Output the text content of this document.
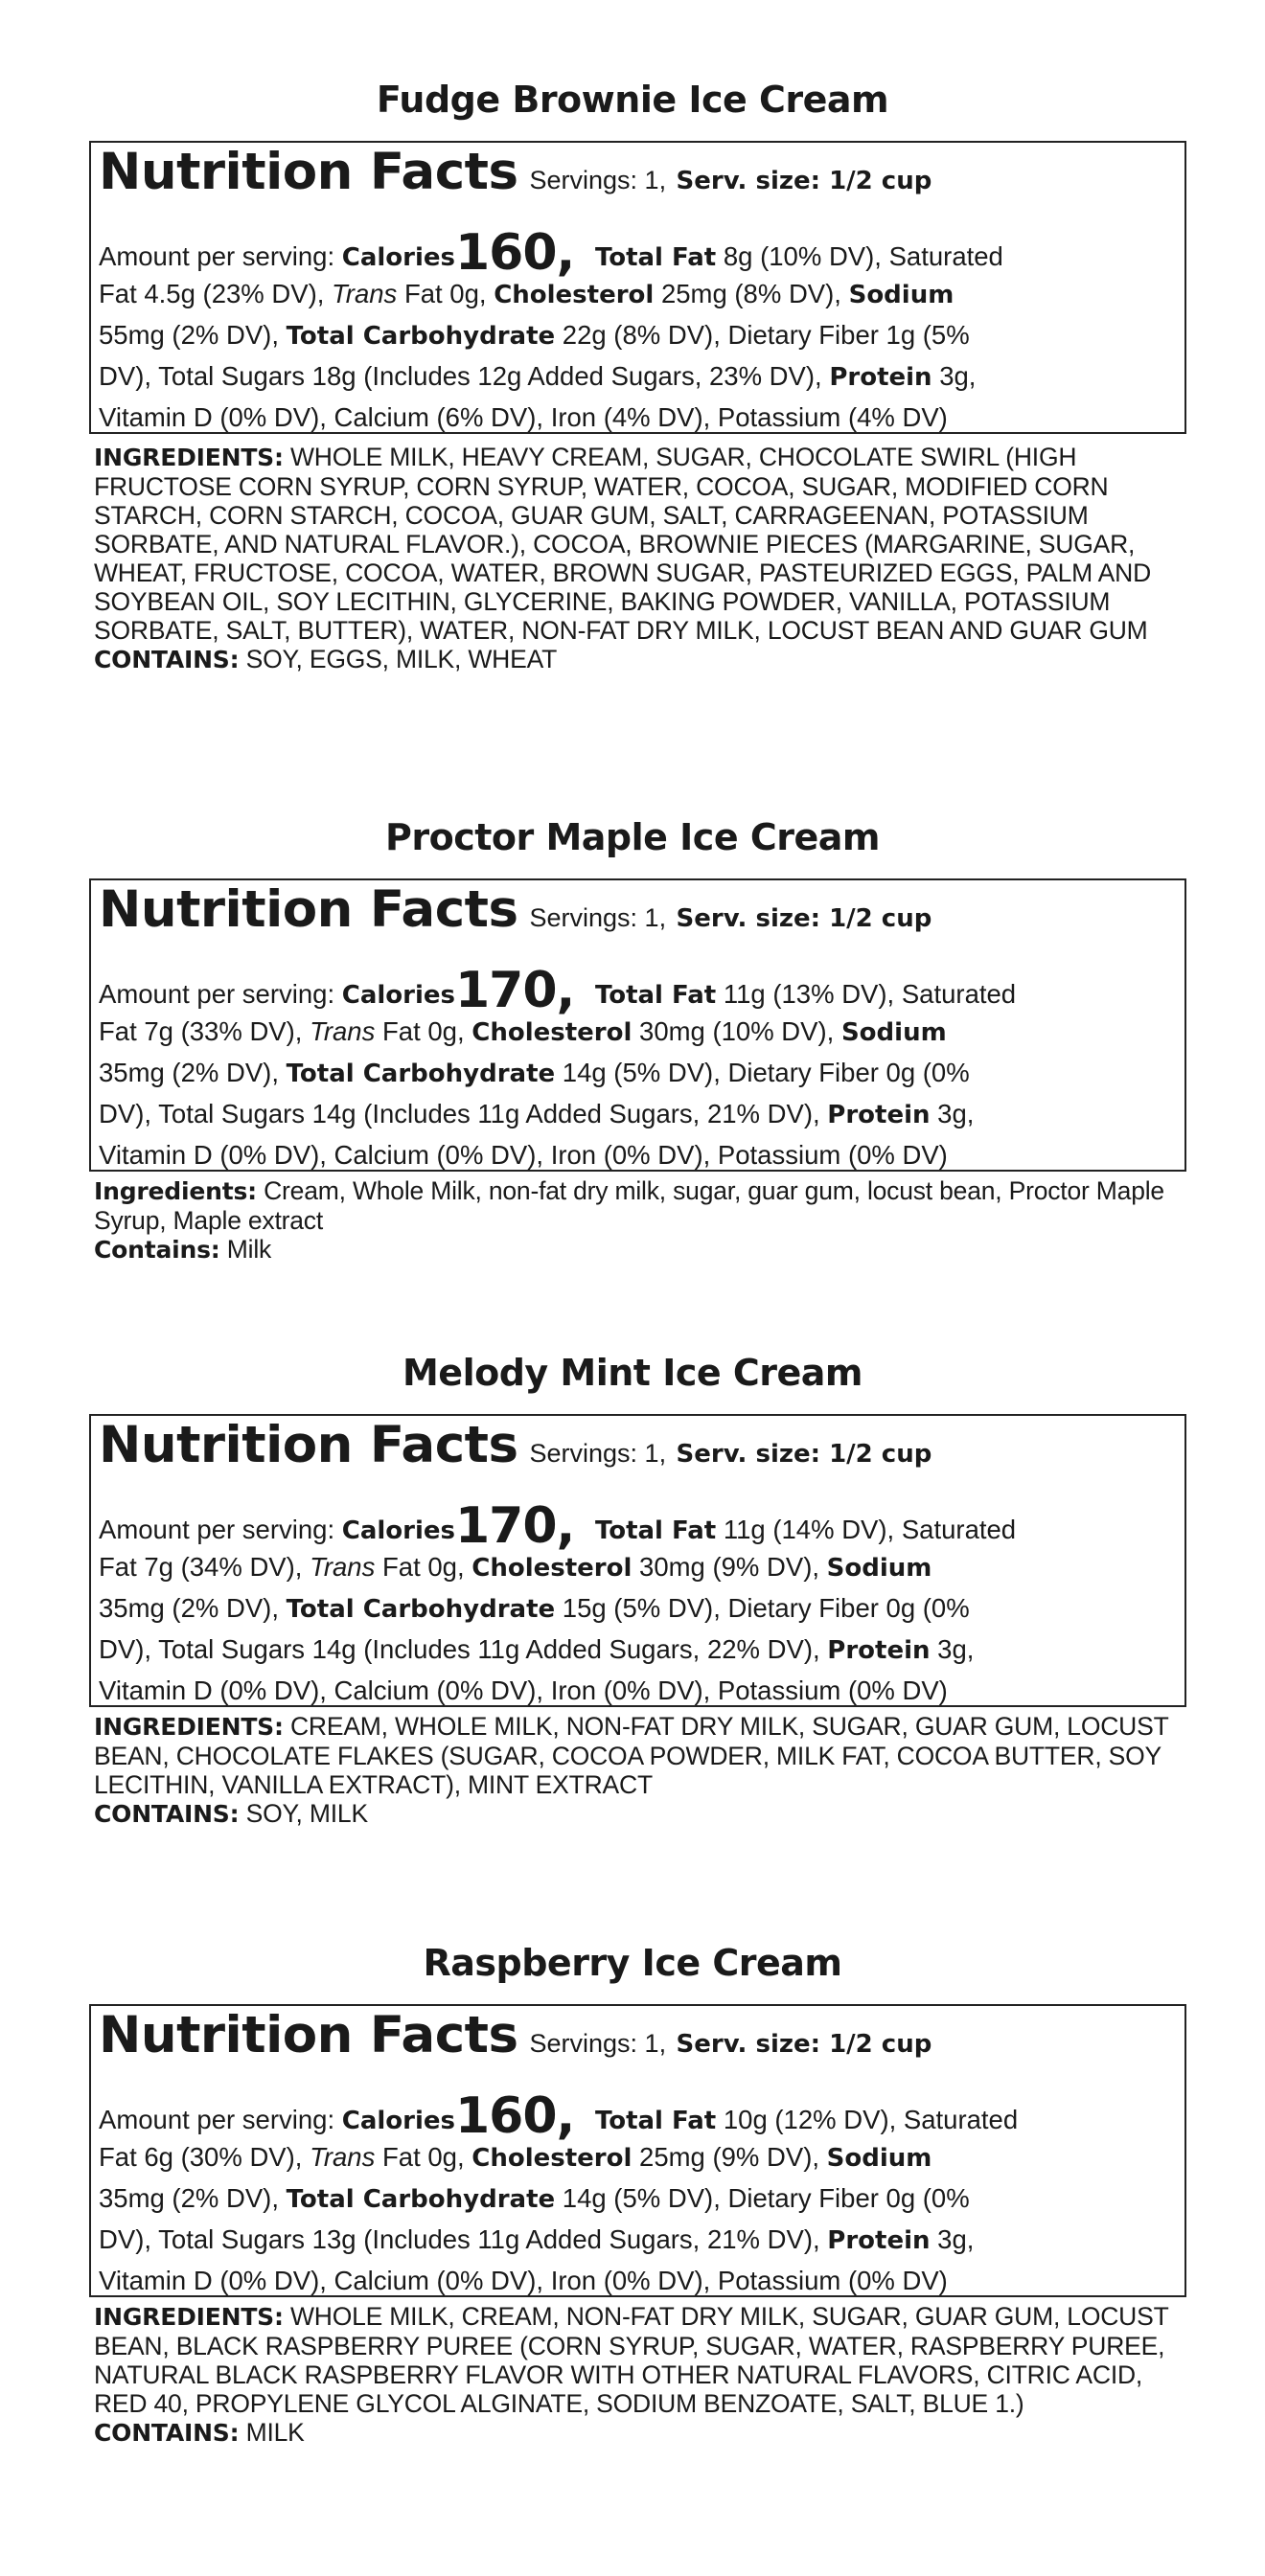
Fudge Brownie Ice Cream
Nutrition Facts Servings: 1, Serv. size: 1/2 cup
Amount per serving: Calories160, Total Fat 8g (10% DV), Saturated
Fat 4.5g (23% DV), Trans Fat 0g, Cholesterol 25mg (8% DV), Sodium
55mg (2% DV), Total Carbohydrate 22g (8% DV), Dietary Fiber 1g (5%
DV), Total Sugars 18g (Includes 12g Added Sugars, 23% DV), Protein 3g,
Vitamin D (0% DV), Calcium (6% DV), Iron (4% DV), Potassium (4% DV)

INGREDIENTS: WHOLE MILK, HEAVY CREAM, SUGAR, CHOCOLATE SWIRL (HIGH FRUCTOSE CORN SYRUP, CORN SYRUP, WATER, COCOA, SUGAR, MODIFIED CORN STARCH, CORN STARCH, COCOA, GUAR GUM, SALT, CARRAGEENAN, POTASSIUM SORBATE, AND NATURAL FLAVOR.), COCOA, BROWNIE PIECES (MARGARINE, SUGAR, WHEAT, FRUCTOSE, COCOA, WATER, BROWN SUGAR, PASTEURIZED EGGS, PALM AND SOYBEAN OIL, SOY LECITHIN, GLYCERINE, BAKING POWDER, VANILLA, POTASSIUM SORBATE, SALT, BUTTER), WATER, NON-FAT DRY MILK, LOCUST BEAN AND GUAR GUM

CONTAINS: SOY, EGGS, MILK, WHEAT

Proctor Maple Ice Cream
Nutrition Facts Servings: 1, Serv. size: 1/2 cup
Amount per serving: Calories170, Total Fat 11g (13% DV), Saturated
Fat 7g (33% DV), Trans Fat 0g, Cholesterol 30mg (10% DV), Sodium
35mg (2% DV), Total Carbohydrate 14g (5% DV), Dietary Fiber 0g (0%
DV), Total Sugars 14g (Includes 11g Added Sugars, 21% DV), Protein 3g,
Vitamin D (0% DV), Calcium (0% DV), Iron (0% DV), Potassium (0% DV)

Ingredients: Cream, Whole Milk, non-fat dry milk, sugar, guar gum, locust bean, Proctor Maple Syrup, Maple extract

Contains: Milk

Melody Mint Ice Cream
Nutrition Facts Servings: 1, Serv. size: 1/2 cup
Amount per serving: Calories170, Total Fat 11g (14% DV), Saturated
Fat 7g (34% DV), Trans Fat 0g, Cholesterol 30mg (9% DV), Sodium
35mg (2% DV), Total Carbohydrate 15g (5% DV), Dietary Fiber 0g (0%
DV), Total Sugars 14g (Includes 11g Added Sugars, 22% DV), Protein 3g,
Vitamin D (0% DV), Calcium (0% DV), Iron (0% DV), Potassium (0% DV)

INGREDIENTS: CREAM, WHOLE MILK, NON-FAT DRY MILK, SUGAR, GUAR GUM, LOCUST BEAN, CHOCOLATE FLAKES (SUGAR, COCOA POWDER, MILK FAT, COCOA BUTTER, SOY LECITHIN, VANILLA EXTRACT), MINT EXTRACT

CONTAINS: SOY, MILK

Raspberry Ice Cream
Nutrition Facts Servings: 1, Serv. size: 1/2 cup
Amount per serving: Calories160, Total Fat 10g (12% DV), Saturated
Fat 6g (30% DV), Trans Fat 0g, Cholesterol 25mg (9% DV), Sodium
35mg (2% DV), Total Carbohydrate 14g (5% DV), Dietary Fiber 0g (0%
DV), Total Sugars 13g (Includes 11g Added Sugars, 21% DV), Protein 3g,
Vitamin D (0% DV), Calcium (0% DV), Iron (0% DV), Potassium (0% DV)

INGREDIENTS: WHOLE MILK, CREAM, NON-FAT DRY MILK, SUGAR, GUAR GUM, LOCUST BEAN, BLACK RASPBERRY PUREE (CORN SYRUP, SUGAR, WATER, RASPBERRY PUREE, NATURAL BLACK RASPBERRY FLAVOR WITH OTHER NATURAL FLAVORS, CITRIC ACID, RED 40, PROPYLENE GLYCOL ALGINATE, SODIUM BENZOATE, SALT, BLUE 1.)

CONTAINS: MILK
